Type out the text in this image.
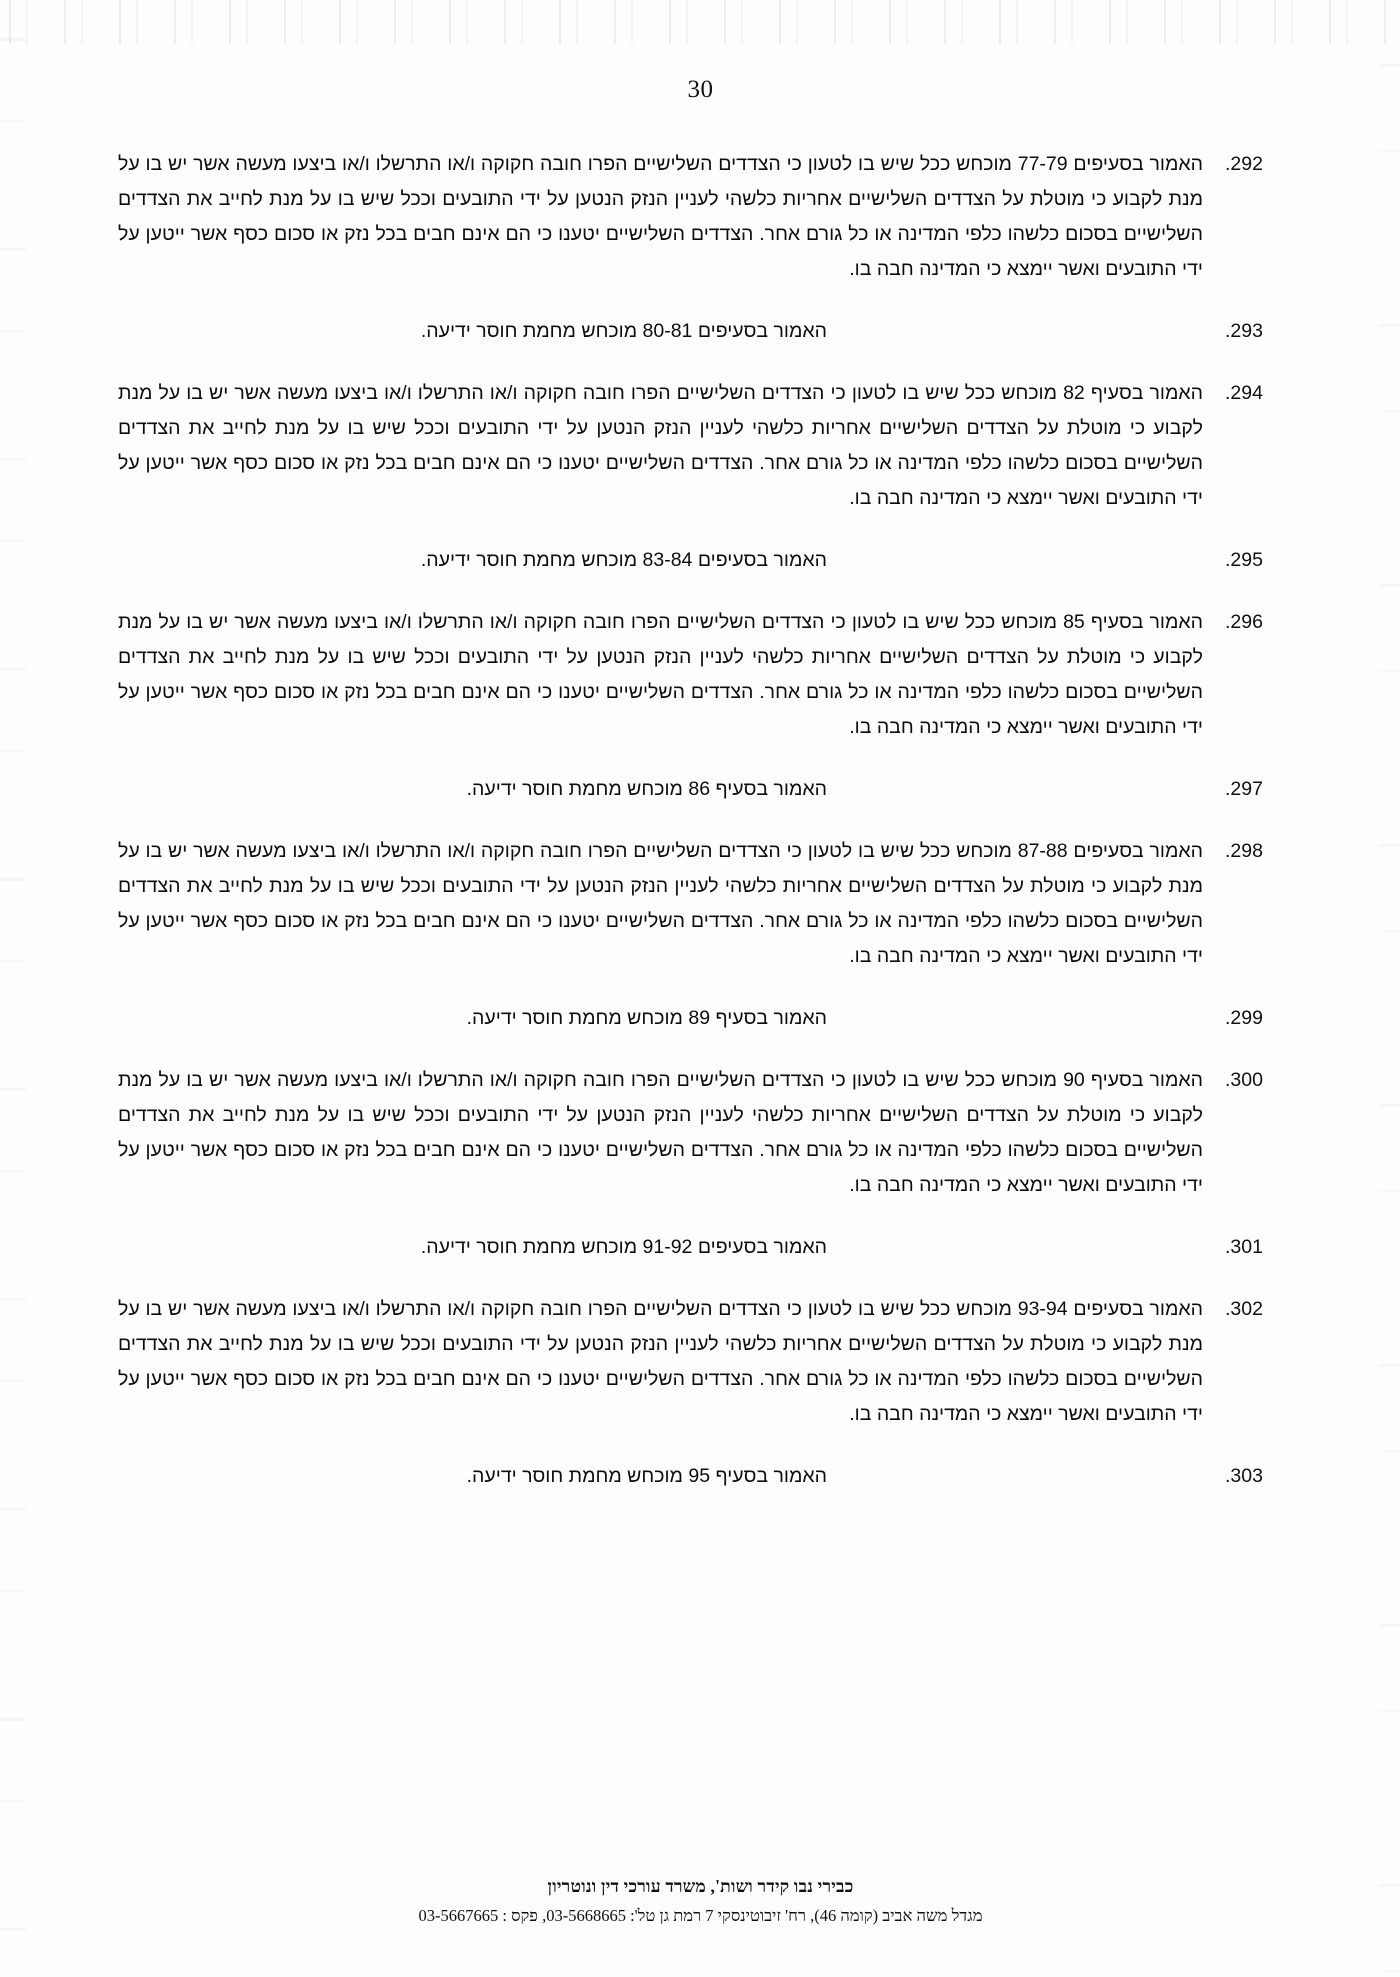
30
.292
האמור בסעיפים 77-79 מוכחש ככל שיש בו לטעון כי הצדדים השלישיים הפרו חובה חקוקה ו/או התרשלו ו/או ביצעו מעשה אשר יש בו על מנת לקבוע כי מוטלת על הצדדים השלישיים אחריות כלשהי לעניין הנזק הנטען על ידי התובעים וככל שיש בו על מנת לחייב את הצדדים השלישיים בסכום כלשהו כלפי המדינה או כל גורם אחר. הצדדים השלישיים יטענו כי הם אינם חבים בכל נזק או סכום כסף אשר ייטען על ידי התובעים ואשר יימצא כי המדינה חבה בו.
.293
האמור בסעיפים 80-81 מוכחש מחמת חוסר ידיעה.
.294
האמור בסעיף 82 מוכחש ככל שיש בו לטעון כי הצדדים השלישיים הפרו חובה חקוקה ו/או התרשלו ו/או ביצעו מעשה אשר יש בו על מנת לקבוע כי מוטלת על הצדדים השלישיים אחריות כלשהי לעניין הנזק הנטען על ידי התובעים וככל שיש בו על מנת לחייב את הצדדים השלישיים בסכום כלשהו כלפי המדינה או כל גורם אחר. הצדדים השלישיים יטענו כי הם אינם חבים בכל נזק או סכום כסף אשר ייטען על ידי התובעים ואשר יימצא כי המדינה חבה בו.
.295
האמור בסעיפים 83-84 מוכחש מחמת חוסר ידיעה.
.296
האמור בסעיף 85 מוכחש ככל שיש בו לטעון כי הצדדים השלישיים הפרו חובה חקוקה ו/או התרשלו ו/או ביצעו מעשה אשר יש בו על מנת לקבוע כי מוטלת על הצדדים השלישיים אחריות כלשהי לעניין הנזק הנטען על ידי התובעים וככל שיש בו על מנת לחייב את הצדדים השלישיים בסכום כלשהו כלפי המדינה או כל גורם אחר. הצדדים השלישיים יטענו כי הם אינם חבים בכל נזק או סכום כסף אשר ייטען על ידי התובעים ואשר יימצא כי המדינה חבה בו.
.297
האמור בסעיף 86 מוכחש מחמת חוסר ידיעה.
.298
האמור בסעיפים 87-88 מוכחש ככל שיש בו לטעון כי הצדדים השלישיים הפרו חובה חקוקה ו/או התרשלו ו/או ביצעו מעשה אשר יש בו על מנת לקבוע כי מוטלת על הצדדים השלישיים אחריות כלשהי לעניין הנזק הנטען על ידי התובעים וככל שיש בו על מנת לחייב את הצדדים השלישיים בסכום כלשהו כלפי המדינה או כל גורם אחר. הצדדים השלישיים יטענו כי הם אינם חבים בכל נזק או סכום כסף אשר ייטען על ידי התובעים ואשר יימצא כי המדינה חבה בו.
.299
האמור בסעיף 89 מוכחש מחמת חוסר ידיעה.
.300
האמור בסעיף 90 מוכחש ככל שיש בו לטעון כי הצדדים השלישיים הפרו חובה חקוקה ו/או התרשלו ו/או ביצעו מעשה אשר יש בו על מנת לקבוע כי מוטלת על הצדדים השלישיים אחריות כלשהי לעניין הנזק הנטען על ידי התובעים וככל שיש בו על מנת לחייב את הצדדים השלישיים בסכום כלשהו כלפי המדינה או כל גורם אחר. הצדדים השלישיים יטענו כי הם אינם חבים בכל נזק או סכום כסף אשר ייטען על ידי התובעים ואשר יימצא כי המדינה חבה בו.
.301
האמור בסעיפים 91-92 מוכחש מחמת חוסר ידיעה.
.302
האמור בסעיפים 93-94 מוכחש ככל שיש בו לטעון כי הצדדים השלישיים הפרו חובה חקוקה ו/או התרשלו ו/או ביצעו מעשה אשר יש בו על מנת לקבוע כי מוטלת על הצדדים השלישיים אחריות כלשהי לעניין הנזק הנטען על ידי התובעים וככל שיש בו על מנת לחייב את הצדדים השלישיים בסכום כלשהו כלפי המדינה או כל גורם אחר. הצדדים השלישיים יטענו כי הם אינם חבים בכל נזק או סכום כסף אשר ייטען על ידי התובעים ואשר יימצא כי המדינה חבה בו.
.303
האמור בסעיף 95 מוכחש מחמת חוסר ידיעה.
כבירי נבו קידר ושות', משרד עורכי דין ונוטריון
מגדל משה אביב (קומה 46), רח' זיבוטינסקי 7 רמת גן טל': 03-5668665, פקס : 03-5667665
